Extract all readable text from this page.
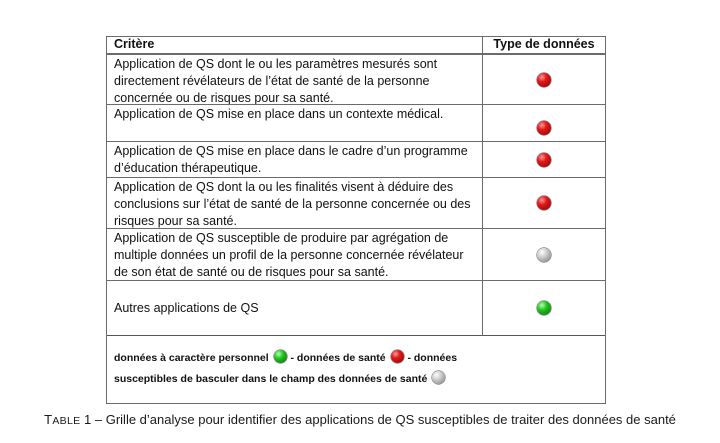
Critère	Type de données
Application de QS dont le ou les paramètres mesurés sont directement révélateurs de l’état de santé de la personne concernée ou de risques pour sa santé.
Application de QS mise en place dans un contexte médical.
Application de QS mise en place dans le cadre d’un programme d’éducation thérapeutique.
Application de QS dont la ou les finalités visent à déduire des conclusions sur l’état de santé de la personne concernée ou des risques pour sa santé.
Application de QS susceptible de produire par agrégation de multiple données un profil de la personne concernée révélateur de son état de santé ou de risques pour sa santé.
Autres applications de QS
données à caractère personnel - données de santé - données
susceptibles de basculer dans le champ des données de santé
TABLE 1 – Grille d’analyse pour identifier des applications de QS susceptibles de traiter des données de santé
